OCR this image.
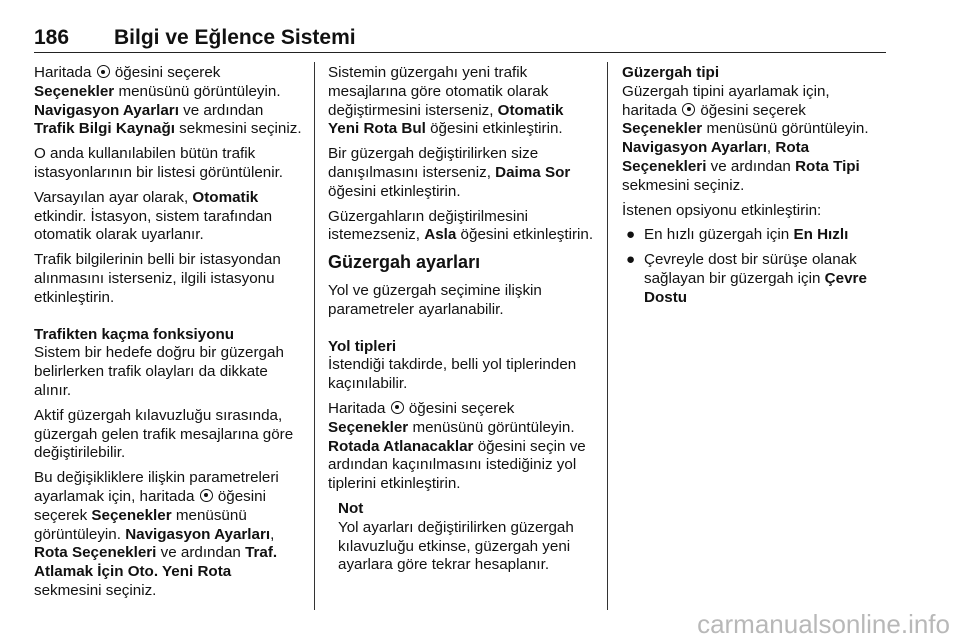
186 Bilgi ve Eğlence Sistemi

Haritada  öğesini seçerek Seçenekler menüsünü görüntüleyin. Navigasyon Ayarları ve ardından Trafik Bilgi Kaynağı sekmesini seçiniz.

O anda kullanılabilen bütün trafik istasyonlarının bir listesi görüntülenir.

Varsayılan ayar olarak, Otomatik etkindir. İstasyon, sistem tarafından otomatik olarak uyarlanır.

Trafik bilgilerinin belli bir istasyondan alınmasını isterseniz, ilgili istasyonu etkinleştirin.

Trafikten kaçma fonksiyonu

Sistem bir hedefe doğru bir güzergah belirlerken trafik olayları da dikkate alınır.

Aktif güzergah kılavuzluğu sırasında, güzergah gelen trafik mesajlarına göre değiştirilebilir.

Bu değişikliklere ilişkin parametreleri ayarlamak için, haritada  öğesini seçerek Seçenekler menüsünü görüntüleyin. Navigasyon Ayarları, Rota Seçenekleri ve ardından Traf. Atlamak İçin Oto. Yeni Rota sekmesini seçiniz.

Sistemin güzergahı yeni trafik mesajlarına göre otomatik olarak değiştirmesini isterseniz, Otomatik Yeni Rota Bul öğesini etkinleştirin.

Bir güzergah değiştirilirken size danışılmasını isterseniz, Daima Sor öğesini etkinleştirin.

Güzergahların değiştirilmesini istemezseniz, Asla öğesini etkinleştirin.

Güzergah ayarları

Yol ve güzergah seçimine ilişkin parametreler ayarlanabilir.

Yol tipleri

İstendiği takdirde, belli yol tiplerinden kaçınılabilir.

Haritada  öğesini seçerek Seçenekler menüsünü görüntüleyin. Rotada Atlanacaklar öğesini seçin ve ardından kaçınılmasını istediğiniz yol tiplerini etkinleştirin.

Not

Yol ayarları değiştirilirken güzergah kılavuzluğu etkinse, güzergah yeni ayarlara göre tekrar hesaplanır.

Güzergah tipi

Güzergah tipini ayarlamak için, haritada  öğesini seçerek Seçenekler menüsünü görüntüleyin. Navigasyon Ayarları, Rota Seçenekleri ve ardından Rota Tipi sekmesini seçiniz.

İstenen opsiyonu etkinleştirin:

● En hızlı güzergah için En Hızlı
● Çevreyle dost bir sürüşe olanak sağlayan bir güzergah için Çevre Dostu
carmanualsonline.info
